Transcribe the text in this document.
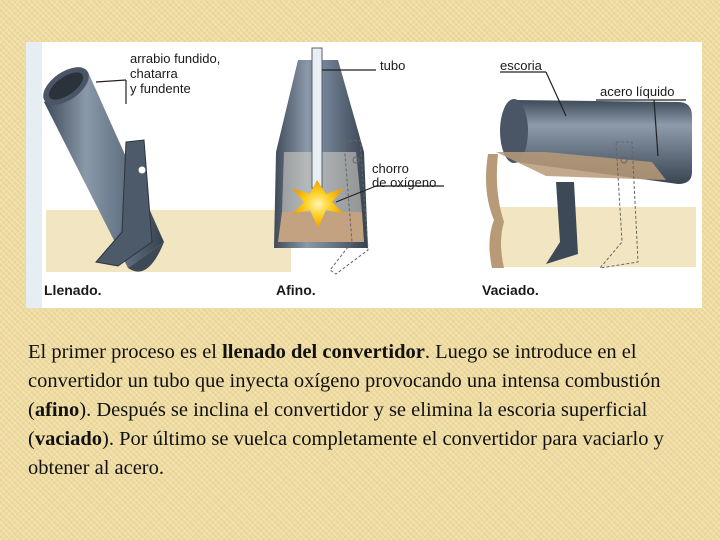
arrabio fundido,
chatarra
y fundente
tubo
chorro
de oxígeno
escoria
acero líquido
Llenado.	Afino.	Vaciado.
El primer proceso es el llenado del convertidor. Luego se introduce en el convertidor un tubo que inyecta oxígeno provocando una intensa combustión (afino). Después se inclina el convertidor y se elimina la escoria superficial (vaciado). Por último se vuelca completamente el convertidor para vaciarlo y obtener al acero.
